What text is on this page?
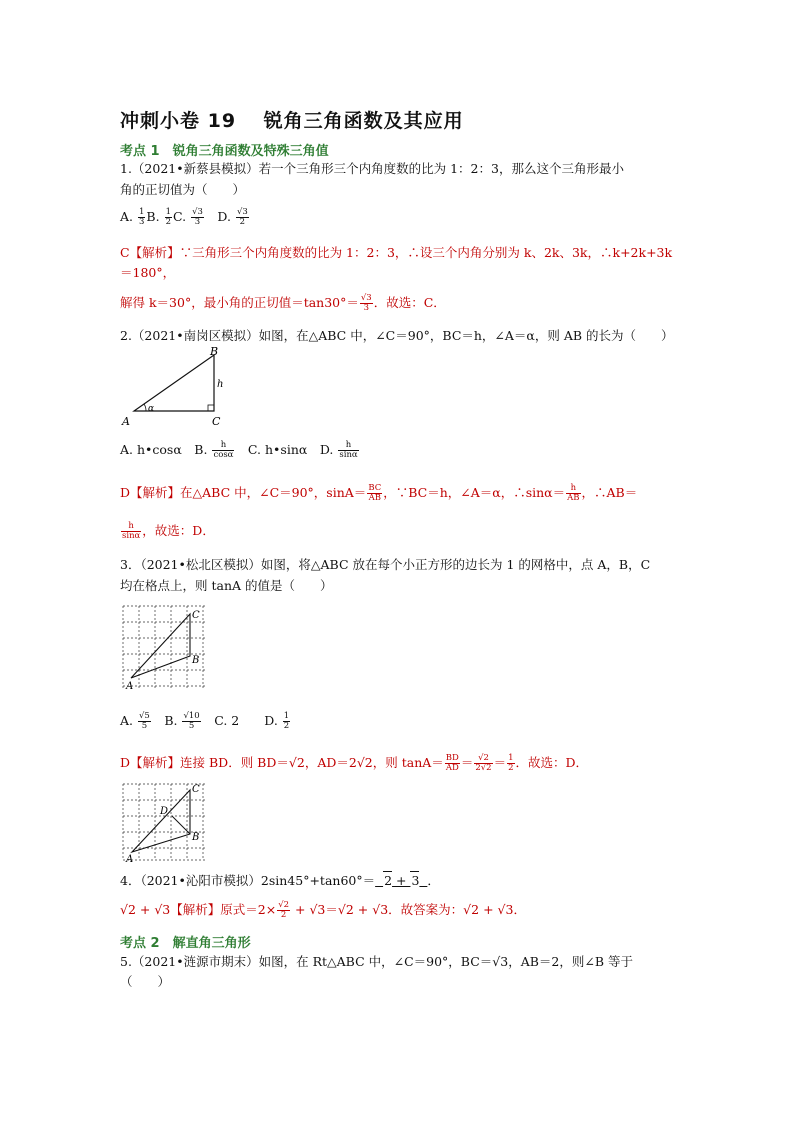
冲刺小卷 19　 锐角三角函数及其应用
考点 1　锐角三角函数及特殊三角值
1.（2021•新蔡县模拟）若一个三角形三个内角度数的比为 1：2：3，那么这个三角形最小
角的正切值为（　　）
A. $\frac{1}{3} B$. $\frac{1}{2} C$. $\frac{√3}{3}$ 　D. $\frac{√3}{2}$
C【解析】∵三角形三个内角度数的比为 1：2：3，∴设三个内角分别为 k、2k、3k，∴k+2k+3k
＝180°，
解得 k＝30°，最小角的正切值$=\tan 30^\circ= \frac{√3}{3}$ ．故选：C．
2.（2021•南岗区模拟）如图，在△ABC 中，∠C＝90°，BC＝h，∠A＝α，则 AB 的长为（　　）
A
B
C
h
α
A. h•cosα　B. $\frac{h}{\cos\alpha}$ 　C. h•sinα　D. $\frac{h}{\sin\alpha}$
D【解析】在△ABC 中，∠C＝90°，$\sin A= \frac{BC}{AB}$ ，∵BC＝h，∠A＝α，∴sinα＝ $\frac{h}{AB}$ ，∴AB＝
$\frac{h}{\sin\alpha}$ ，故选：D．
3．（2021•松北区模拟）如图，将△ABC 放在每个小正方形的边长为 1 的网格中，点 A，B，C
均在格点上，则 tanA 的值是（　　）
A
B
C
A. $\frac{√5}{5}$ 　B. $\frac{√10}{5}$ 　C. 2　　D. $\frac{1}{2}$
D【解析】连接 BD．则 BD＝√2，AD＝2√2，则 $\tan A= \frac{BD}{AD} = \frac{√2}{2√2} = \frac{1}{2}$ ．故选：D．
A
B
C
D
4．（2021•沁阳市模拟）2sin45°+tan60°＝ 2 + 3 ．
√2 + √3【解析】原式$=2\times \frac{√2}{2} + √3=√2 + √3$．故答案为：√2 + √3．
考点 2　解直角三角形
5.（2021•涟源市期末）如图，在 Rt△ABC 中，∠C＝90°，BC＝√3，AB＝2，则∠B 等于
（　　）
